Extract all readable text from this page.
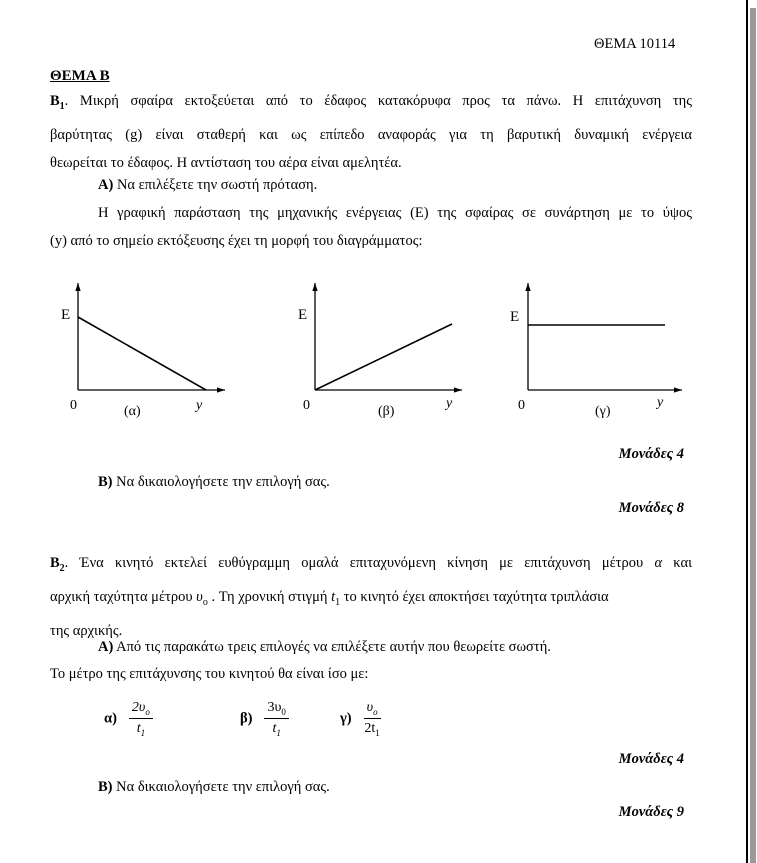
ΘΕΜΑ 10114
ΘΕΜΑ Β
$B_1$. Μικρή σφαίρα εκτοξεύεται από το έδαφος κατακόρυφα προς τα πάνω. Η επιτάχυνση της
βαρύτητας (g) είναι σταθερή και ως επίπεδο αναφοράς για τη βαρυτική δυναμική ενέργεια
θεωρείται το έδαφος. Η αντίσταση του αέρα είναι αμελητέα.
Α) Να επιλέξετε την σωστή πρόταση.
Η γραφική παράσταση της μηχανικής ενέργειας (Ε) της σφαίρας σε συνάρτηση με το ύψος
(y) από το σημείο εκτόξευσης έχει τη μορφή του διαγράμματος:
E
0	y
(α)
E
0	y
(β)
E
0	y
(γ)
Μονάδες 4
Β) Να δικαιολογήσετε την επιλογή σας.
Μονάδες 8
$B_2$. Ένα κινητό εκτελεί ευθύγραμμη ομαλά επιταχυνόμενη κίνηση με επιτάχυνση μέτρου α και
αρχική ταχύτητα μέτρου $\upsilon_o$ . Τη χρονική στιγμή $t_1$ το κινητό έχει αποκτήσει ταχύτητα τριπλάσια
της αρχικής.
Α) Από τις παρακάτω τρεις επιλογές να επιλέξετε αυτήν που θεωρείτε σωστή.
Το μέτρο της επιτάχυνσης του κινητού θα είναι ίσο με:
$\alpha) \frac{2\upsilon_o}{t_1}$	$\beta) \frac{3\upsilon_0}{t_1}$	$\gamma) \frac{\upsilon_o}{2t_1}$
Μονάδες 4
Β) Να δικαιολογήσετε την επιλογή σας.
Μονάδες 9
